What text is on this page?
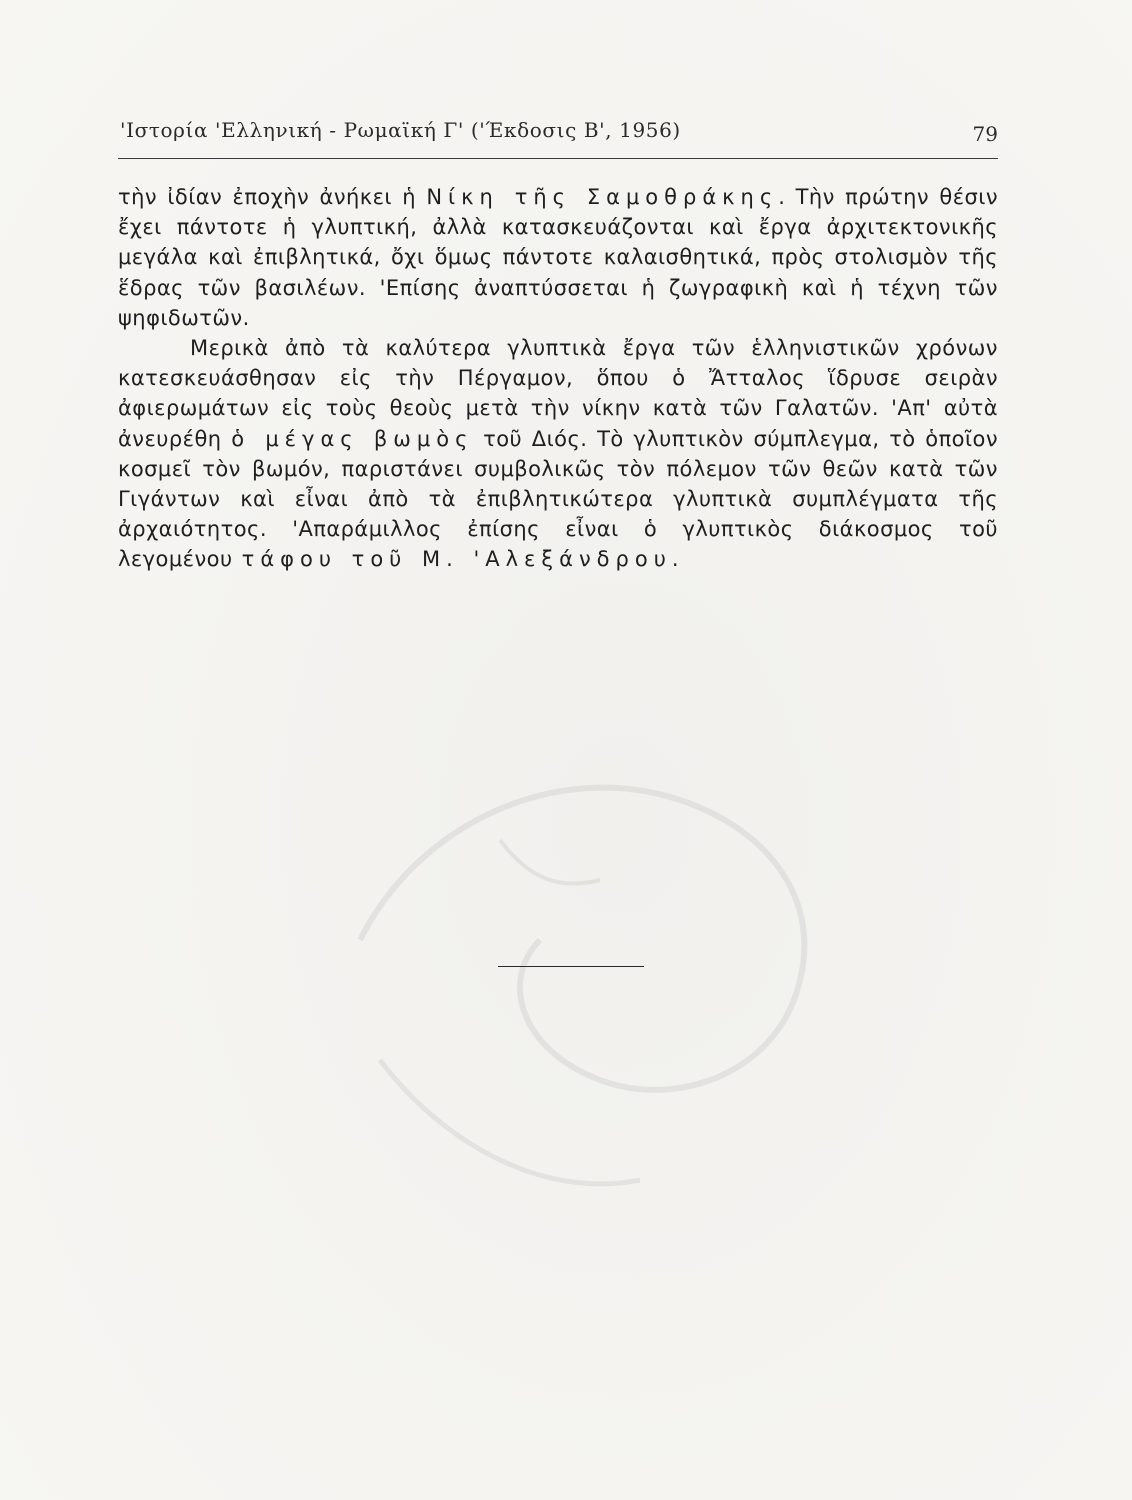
'Ιστορία 'Ελληνική - Ρωμαϊκή Γ' ('Έκδοσις Β', 1956)	79

τὴν ἰδίαν ἐποχὴν ἀνήκει ἡ Νίκη τῆς Σαμοθράκης. Τὴν πρώτην θέσιν ἔχει πάντοτε ἡ γλυπτική, ἀλλὰ κατασκευάζονται καὶ ἔργα ἀρχιτεκτονικῆς μεγάλα καὶ ἐπιβλητικά, ὄχι ὅμως πάντοτε καλαισθητικά, πρὸς στολισμὸν τῆς ἕδρας τῶν βασιλέων. 'Επίσης ἀναπτύσσεται ἡ ζωγραφικὴ καὶ ἡ τέχνη τῶν ψηφιδωτῶν.

Μερικὰ ἀπὸ τὰ καλύτερα γλυπτικὰ ἔργα τῶν ἑλληνιστικῶν χρόνων κατεσκευάσθησαν εἰς τὴν Πέργαμον, ὅπου ὁ Ἄτταλος ἵδρυσε σειρὰν ἀφιερωμάτων εἰς τοὺς θεοὺς μετὰ τὴν νίκην κατὰ τῶν Γαλατῶν. 'Απ' αὐτὰ ἀνευρέθη ὁ μέγας βωμὸς τοῦ Διός. Τὸ γλυπτικὸν σύμπλεγμα, τὸ ὁποῖον κοσμεῖ τὸν βωμόν, παριστάνει συμβολικῶς τὸν πόλεμον τῶν θεῶν κατὰ τῶν Γιγάντων καὶ εἶναι ἀπὸ τὰ ἐπιβλητικώτερα γλυπτικὰ συμπλέγματα τῆς ἀρχαιότητος. 'Απαράμιλλος ἐπίσης εἶναι ὁ γλυπτικὸς διάκοσμος τοῦ λεγομένου τάφου τοῦ Μ. 'Αλεξάνδρου.
